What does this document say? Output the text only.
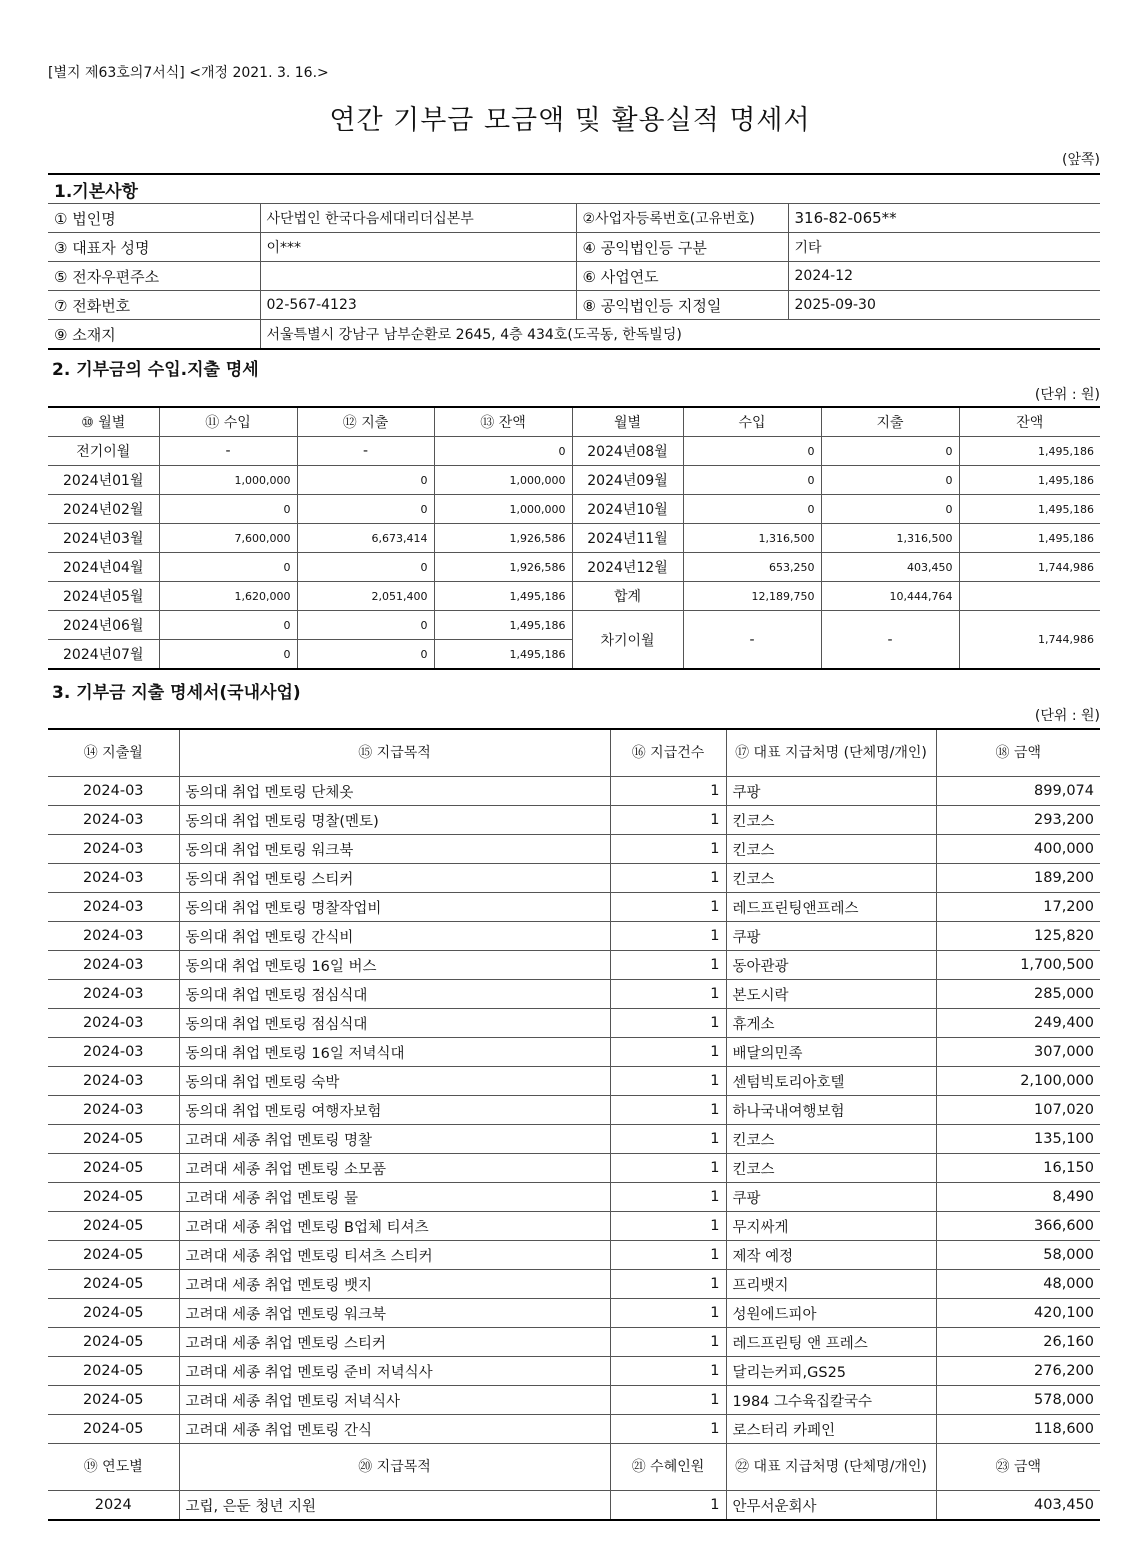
[별지 제63호의7서식] <개정 2021. 3. 16.>
연간 기부금 모금액 및 활용실적 명세서
(앞쪽)
1.기본사항			
① 법인명	사단법인 한국다음세대리더십본부	②사업자등록번호(고유번호)	316-82-065**
③ 대표자 성명	이***	④ 공익법인등 구분	기타
⑤ 전자우편주소		⑥ 사업연도	2024-12
⑦ 전화번호	02-567-4123	⑧ 공익법인등 지정일	2025-09-30
⑨ 소재지	서울특별시 강남구 남부순환로 2645, 4층 434호(도곡동, 한독빌딩)		
2. 기부금의 수입.지출 명세
(단위 : 원)
⑩ 월별	⑪ 수입	⑫ 지출	⑬ 잔액	월별	수입	지출	잔액
전기이월	-	-	0	2024년08월	0	0	1,495,186
2024년01월	1,000,000	0	1,000,000	2024년09월	0	0	1,495,186
2024년02월	0	0	1,000,000	2024년10월	0	0	1,495,186
2024년03월	7,600,000	6,673,414	1,926,586	2024년11월	1,316,500	1,316,500	1,495,186
2024년04월	0	0	1,926,586	2024년12월	653,250	403,450	1,744,986
2024년05월	1,620,000	2,051,400	1,495,186	합계	12,189,750	10,444,764	
2024년06월	0	0	1,495,186	차기이월	-	-	1,744,986
2024년07월	0	0	1,495,186				
3. 기부금 지출 명세서(국내사업)
(단위 : 원)
⑭ 지출월	⑮ 지급목적	⑯ 지급건수	⑰ 대표 지급처명 (단체명/개인)	⑱ 금액
2024-03	동의대 취업 멘토링 단체옷	1	쿠팡	899,074
2024-03	동의대 취업 멘토링 명찰(멘토)	1	킨코스	293,200
2024-03	동의대 취업 멘토링 워크북	1	킨코스	400,000
2024-03	동의대 취업 멘토링 스티커	1	킨코스	189,200
2024-03	동의대 취업 멘토링 명찰작업비	1	레드프린팅앤프레스	17,200
2024-03	동의대 취업 멘토링 간식비	1	쿠팡	125,820
2024-03	동의대 취업 멘토링 16일 버스	1	동아관광	1,700,500
2024-03	동의대 취업 멘토링 점심식대	1	본도시락	285,000
2024-03	동의대 취업 멘토링 점심식대	1	휴게소	249,400
2024-03	동의대 취업 멘토링 16일 저녁식대	1	배달의민족	307,000
2024-03	동의대 취업 멘토링 숙박	1	센텀빅토리아호텔	2,100,000
2024-03	동의대 취업 멘토링 여행자보험	1	하나국내여행보험	107,020
2024-05	고려대 세종 취업 멘토링 명찰	1	킨코스	135,100
2024-05	고려대 세종 취업 멘토링 소모품	1	킨코스	16,150
2024-05	고려대 세종 취업 멘토링 물	1	쿠팡	8,490
2024-05	고려대 세종 취업 멘토링 B업체 티셔츠	1	무지싸게	366,600
2024-05	고려대 세종 취업 멘토링 티셔츠 스티커	1	제작 예정	58,000
2024-05	고려대 세종 취업 멘토링 뱃지	1	프리뱃지	48,000
2024-05	고려대 세종 취업 멘토링 워크북	1	성원에드피아	420,100
2024-05	고려대 세종 취업 멘토링 스티커	1	레드프린팅 앤 프레스	26,160
2024-05	고려대 세종 취업 멘토링 준비 저녁식사	1	달리는커피,GS25	276,200
2024-05	고려대 세종 취업 멘토링 저녁식사	1	1984 그수육집칼국수	578,000
2024-05	고려대 세종 취업 멘토링 간식	1	로스터리 카페인	118,600
⑲ 연도별	⑳ 지급목적	㉑ 수혜인원	㉒ 대표 지급처명 (단체명/개인)	㉓ 금액
2024	고립, 은둔 청년 지원	1	안무서운회사	403,450
